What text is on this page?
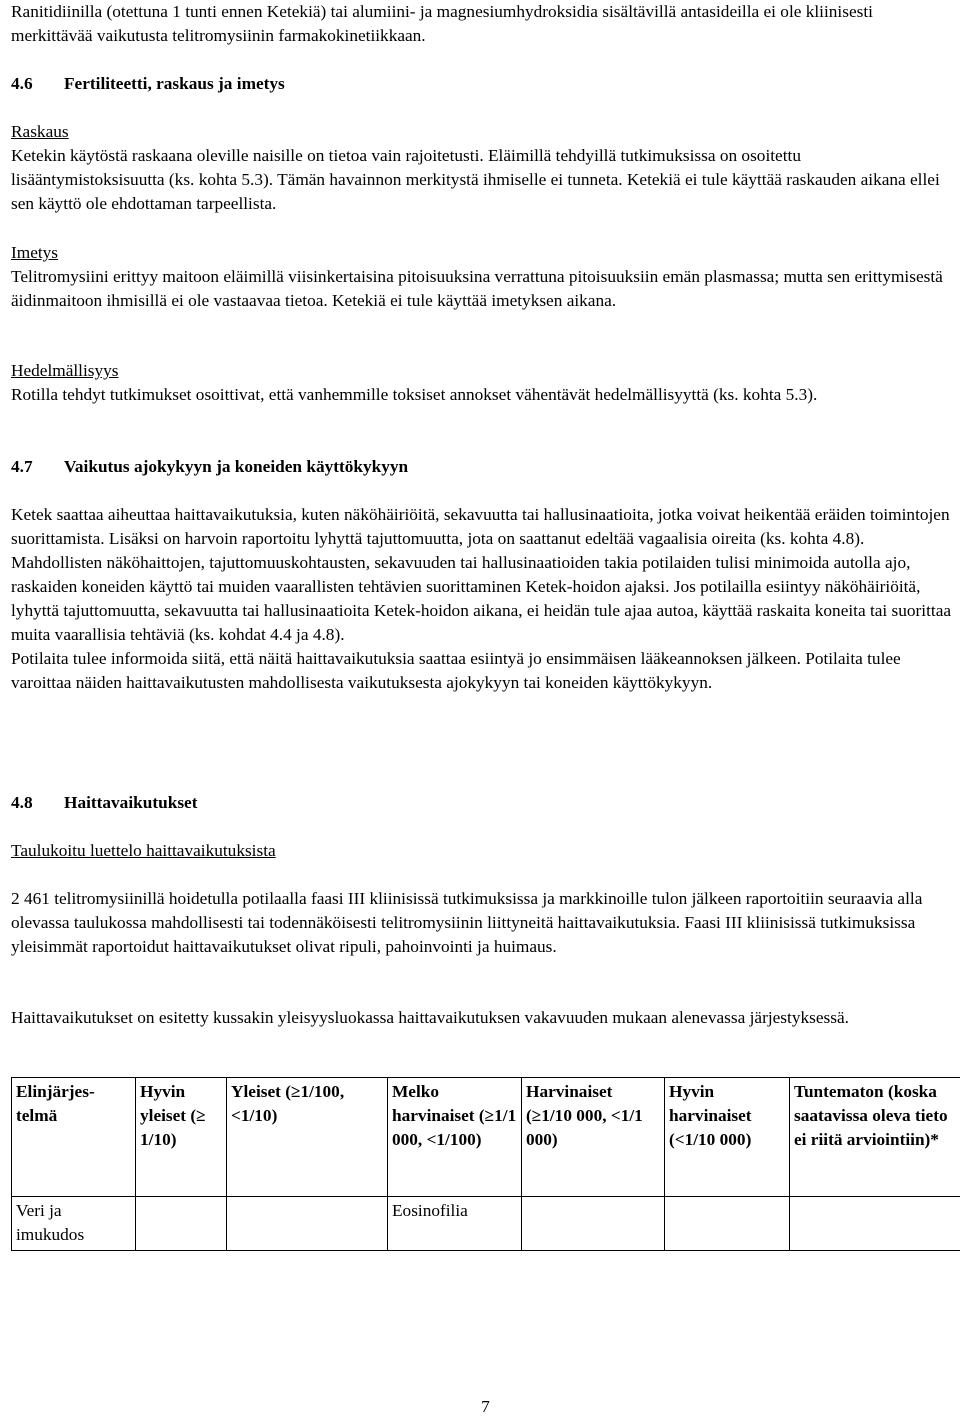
Ranitidiinilla (otettuna 1 tunti ennen Ketekiä) tai alumiini- ja magnesiumhydroksidia sisältävillä antasideilla ei ole kliinisesti merkittävää vaikutusta telitromysiinin farmakokinetiikkaan.

4.6 Fertiliteetti, raskaus ja imetys

Raskaus

Ketekin käytöstä raskaana oleville naisille on tietoa vain rajoitetusti. Eläimillä tehdyillä tutkimuksissa on osoitettu lisääntymistoksisuutta (ks. kohta 5.3). Tämän havainnon merkitystä ihmiselle ei tunneta. Ketekiä ei tule käyttää raskauden aikana ellei sen käyttö ole ehdottaman tarpeellista.

Imetys

Telitromysiini erittyy maitoon eläimillä viisinkertaisina pitoisuuksina verrattuna pitoisuuksiin emän plasmassa; mutta sen erittymisestä äidinmaitoon ihmisillä ei ole vastaavaa tietoa. Ketekiä ei tule käyttää imetyksen aikana.

Hedelmällisyys

Rotilla tehdyt tutkimukset osoittivat, että vanhemmille toksiset annokset vähentävät hedelmällisyyttä (ks. kohta 5.3).

4.7 Vaikutus ajokykyyn ja koneiden käyttökykyyn

Ketek saattaa aiheuttaa haittavaikutuksia, kuten näköhäiriöitä, sekavuutta tai hallusinaatioita, jotka voivat heikentää eräiden toimintojen suorittamista. Lisäksi on harvoin raportoitu lyhyttä tajuttomuutta, jota on saattanut edeltää vagaalisia oireita (ks. kohta 4.8). Mahdollisten näköhaittojen, tajuttomuuskohtausten, sekavuuden tai hallusinaatioiden takia potilaiden tulisi minimoida autolla ajo, raskaiden koneiden käyttö tai muiden vaarallisten tehtävien suorittaminen Ketek-hoidon ajaksi. Jos potilailla esiintyy näköhäiriöitä, lyhyttä tajuttomuutta, sekavuutta tai hallusinaatioita Ketek-hoidon aikana, ei heidän tule ajaa autoa, käyttää raskaita koneita tai suorittaa muita vaarallisia tehtäviä (ks. kohdat 4.4 ja 4.8).

Potilaita tulee informoida siitä, että näitä haittavaikutuksia saattaa esiintyä jo ensimmäisen lääkeannoksen jälkeen. Potilaita tulee varoittaa näiden haittavaikutusten mahdollisesta vaikutuksesta ajokykyyn tai koneiden käyttökykyyn.

4.8 Haittavaikutukset

Taulukoitu luettelo haittavaikutuksista

2 461 telitromysiinillä hoidetulla potilaalla faasi III kliinisissä tutkimuksissa ja markkinoille tulon jälkeen raportoitiin seuraavia alla olevassa taulukossa mahdollisesti tai todennäköisesti telitromysiinin liittyneitä haittavaikutuksia. Faasi III kliinisissä tutkimuksissa yleisimmät raportoidut haittavaikutukset olivat ripuli, pahoinvointi ja huimaus.

Haittavaikutukset on esitetty kussakin yleisyysluokassa haittavaikutuksen vakavuuden mukaan alenevassa järjestyksessä.

Elinjärjes-telmä	Hyvin yleiset (≥ 1/10)	Yleiset (≥1/100, <1/10)	Melko harvinaiset (≥1/1 000, <1/100)	Harvinaiset (≥1/10 000, <1/1 000)	Hyvin harvinaiset (<1/10 000)	Tuntematon (koska saatavissa oleva tieto ei riitä arviointiin)*
Veri ja imukudos			Eosinofilia			
7
